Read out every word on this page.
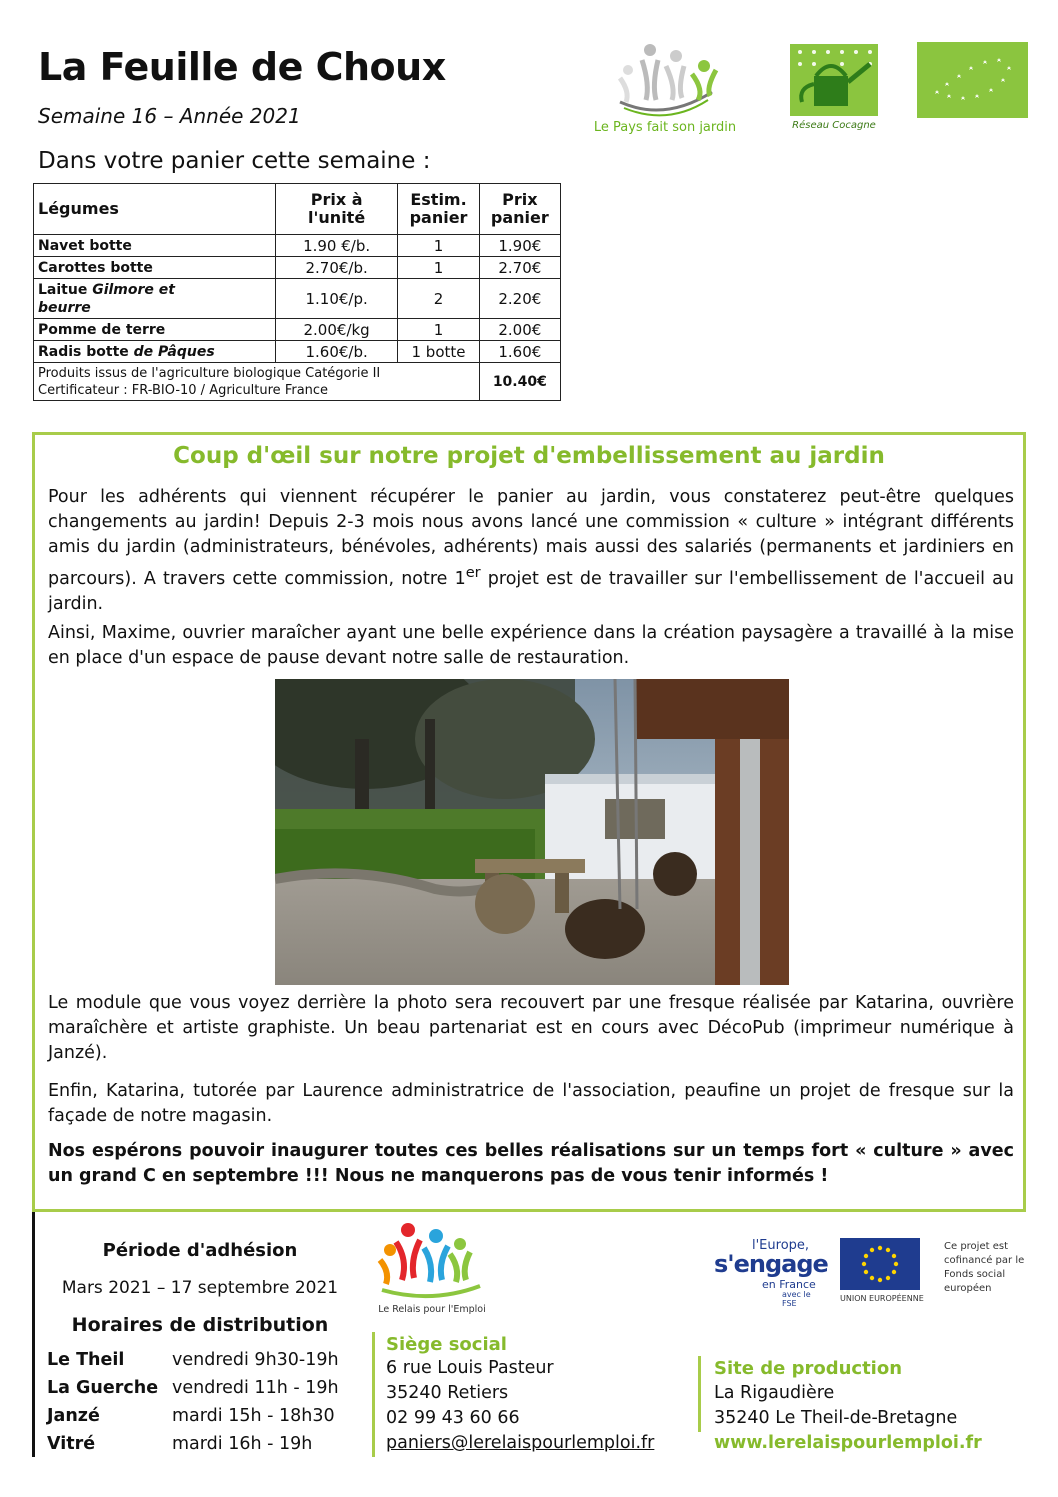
La Feuille de Choux
Semaine 16 – Année 2021
Dans votre panier cette semaine :
Le Pays fait son jardin	Réseau Cocagne
Légumes	Prix à l'unité	Estim. panier	Prix panier
Navet botte	1.90 €/b.	1	1.90€
Carottes botte	2.70€/b.	1	2.70€
Laitue Gilmore et
beurre	1.10€/p.	2	2.20€
Pomme de terre	2.00€/kg	1	2.00€
Radis botte de Pâques	1.60€/b.	1 botte	1.60€
Produits issus de l'agriculture biologique Catégorie II
Certificateur : FR-BIO-10 / Agriculture France			10.40€
Coup d'œil sur notre projet d'embellissement au jardin
Pour les adhérents qui viennent récupérer le panier au jardin, vous constaterez peut-être quelques changements au jardin! Depuis 2-3 mois nous avons lancé une commission « culture » intégrant différents amis du jardin (administrateurs, bénévoles, adhérents) mais aussi des salariés (permanents et jardiniers en parcours). A travers cette commission, notre 1er projet est de travailler sur l'embellissement de l'accueil au jardin.
Ainsi, Maxime, ouvrier maraîcher ayant une belle expérience dans la création paysagère a travaillé à la mise en place d'un espace de pause devant notre salle de restauration.
Le module que vous voyez derrière la photo sera recouvert par une fresque réalisée par Katarina, ouvrière maraîchère et artiste graphiste. Un beau partenariat est en cours avec DécoPub (imprimeur numérique à Janzé).
Enfin, Katarina, tutorée par Laurence administratrice de l'association, peaufine un projet de fresque sur la façade de notre magasin.
Nos espérons pouvoir inaugurer toutes ces belles réalisations sur un temps fort « culture » avec un grand C en septembre !!! Nous ne manquerons pas de vous tenir informés !
Période d'adhésion
Mars 2021 – 17 septembre 2021
Horaires de distribution
Le Theil	vendredi 9h30-19h
La Guerche vendredi 11h - 19h
Janzé	mardi 15h - 18h30
Vitré	mardi 16h - 19h
Le Relais pour l'Emploi
Siège social
6 rue Louis Pasteur
35240 Retiers
02 99 43 60 66
paniers@lerelaispourlemploi.fr
Site de production
La Rigaudière
35240 Le Theil-de-Bretagne
www.lerelaispourlemploi.fr
l'Europe,
s'engage
en France
avec le FSE
UNION EUROPÉENNE
Ce projet est cofinancé par le Fonds social européen
